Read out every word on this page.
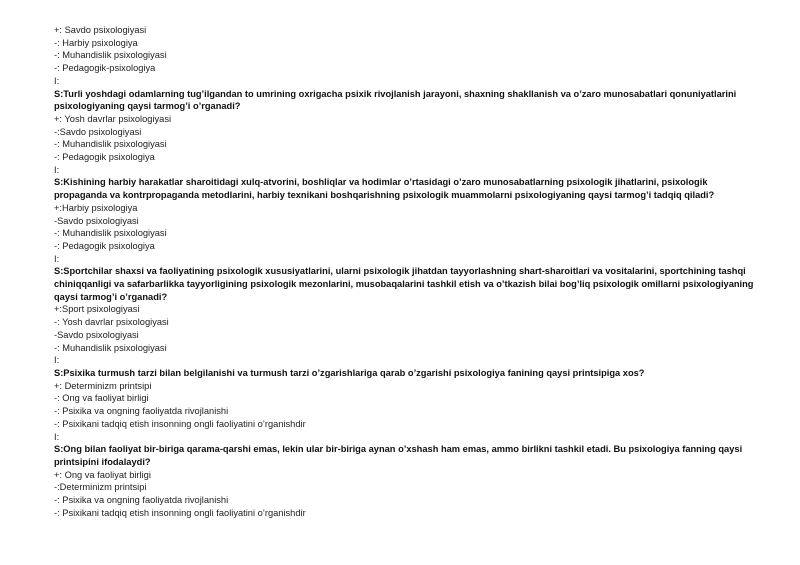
+: Savdo psixologiyasi
-: Harbiy psixologiya
-: Muhandislik psixologiyasi
-: Pedagogik-psixologiya
I:
S:Turli yoshdagi odamlarning tug’ilgandan to umrining oxrigacha psixik rivojlanish jarayoni, shaxning shakllanish va o’zaro munosabatlari qonuniyatlarini psixologiyaning qaysi tarmog’i o’rganadi?
+: Yosh davrlar psixologiyasi
-:Savdo psixologiyasi
-: Muhandislik psixologiyasi
-: Pedagogik psixologiya
I:
S:Kishining harbiy harakatlar sharoitidagi xulq-atvorini, boshliqlar va hodimlar o’rtasidagi o’zaro munosabatlarning psixologik jihatlarini, psixologik propaganda va kontrpropaganda metodlarini, harbiy texnikani boshqarishning psixologik muammolarni psixologiyaning qaysi tarmog’i tadqiq qiladi?
+:Harbiy psixologiya
-Savdo psixologiyasi
-: Muhandislik psixologiyasi
-: Pedagogik psixologiya
I:
S:Sportchilar shaxsi va faoliyatining psixologik xususiyatlarini, ularni psixologik jihatdan tayyorlashning shart-sharoitlari va vositalarini, sportchining tashqi chiniqqanligi va safarbarlikka tayyorligining psixologik mezonlarini, musobaqalarini tashkil etish va o’tkazish bilai bog’liq psixologik omillarni psixologiyaning qaysi tarmog’i o’rganadi?
+:Sport psixologiyasi
-: Yosh davrlar psixologiyasi
-Savdo psixologiyasi
-: Muhandislik psixologiyasi
I:
S:Psixika turmush tarzi bilan belgilanishi va turmush tarzi o’zgarishlariga qarab o’zgarishi psixologiya fanining qaysi printsipiga xos?
+: Determinizm printsipi
-: Ong va faoliyat birligi
-: Psixika va ongning faoliyatda rivojlanishi
-: Psixikani tadqiq etish insonning ongli faoliyatini o’rganishdir
I:
S:Ong bilan faoliyat bir-biriga qarama-qarshi emas, lekin ular bir-biriga aynan o’xshash ham emas, ammo birlikni tashkil etadi. Bu psixologiya fanning qaysi printsipini ifodalaydi?
+: Ong va faoliyat birligi
-:Determinizm printsipi
-: Psixika va ongning faoliyatda rivojlanishi
-: Psixikani tadqiq etish insonning ongli faoliyatini o’rganishdir
